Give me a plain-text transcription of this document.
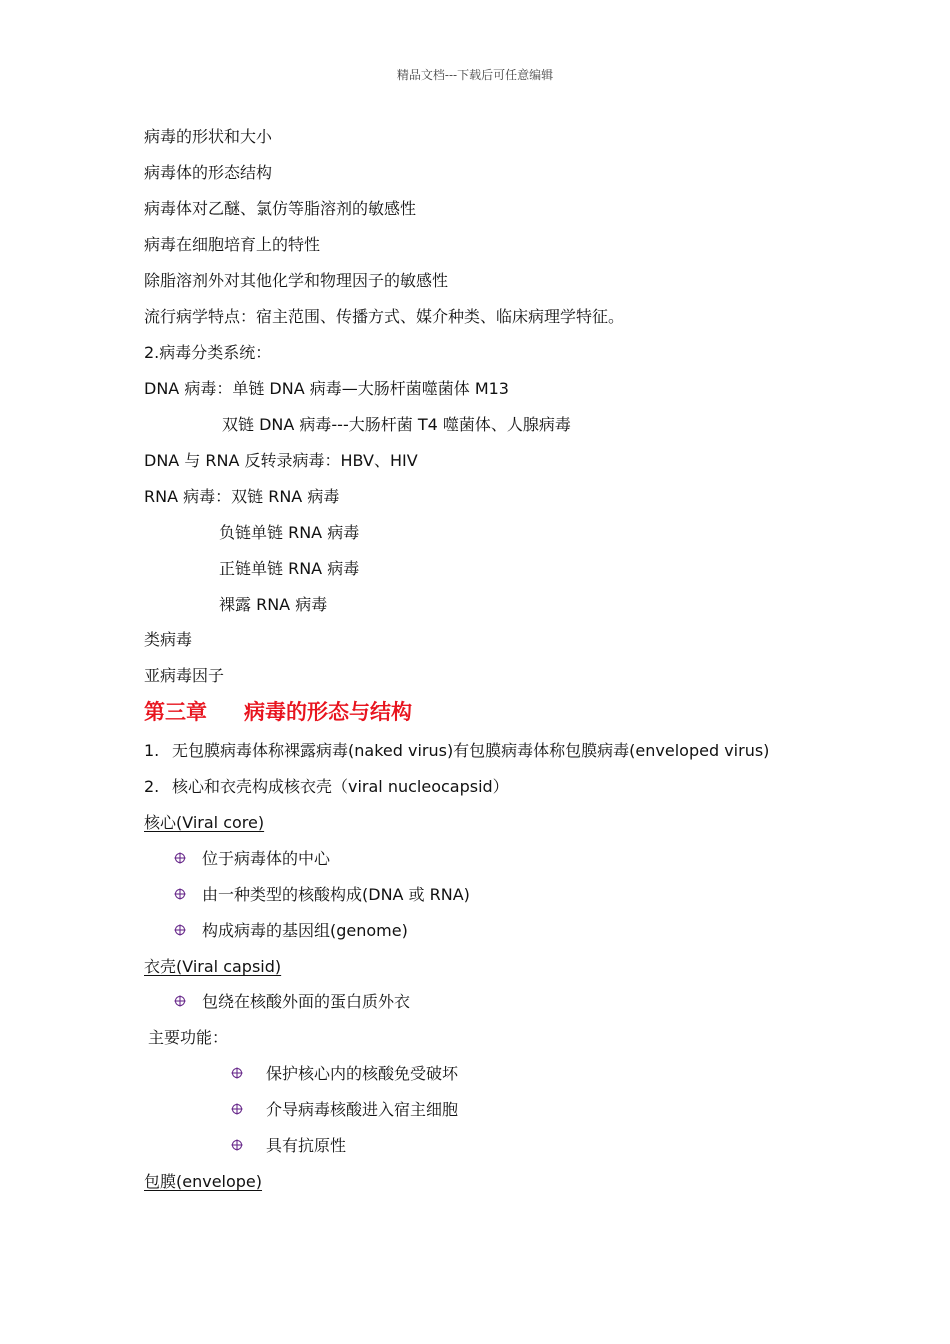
精品文档---下载后可任意编辑
病毒的形状和大小
病毒体的形态结构
病毒体对乙醚、氯仿等脂溶剂的敏感性
病毒在细胞培育上的特性
除脂溶剂外对其他化学和物理因子的敏感性
流行病学特点：宿主范围、传播方式、媒介种类、临床病理学特征。
2.病毒分类系统：
DNA 病毒：单链 DNA 病毒—大肠杆菌噬菌体 M13
双链 DNA 病毒---大肠杆菌 T4 噬菌体、人腺病毒
DNA 与 RNA 反转录病毒：HBV、HIV
RNA 病毒：双链 RNA 病毒
负链单链 RNA 病毒
正链单链 RNA 病毒
裸露 RNA 病毒
类病毒
亚病毒因子
第三章 病毒的形态与结构
1. 无包膜病毒体称裸露病毒(naked virus)有包膜病毒体称包膜病毒(enveloped virus)
2. 核心和衣壳构成核衣壳（viral nucleocapsid）
核心(Viral core)
位于病毒体的中心
由一种类型的核酸构成(DNA 或 RNA)
构成病毒的基因组(genome)
衣壳(Viral capsid)
包绕在核酸外面的蛋白质外衣
主要功能：
保护核心内的核酸免受破坏
介导病毒核酸进入宿主细胞
具有抗原性
包膜(envelope)
